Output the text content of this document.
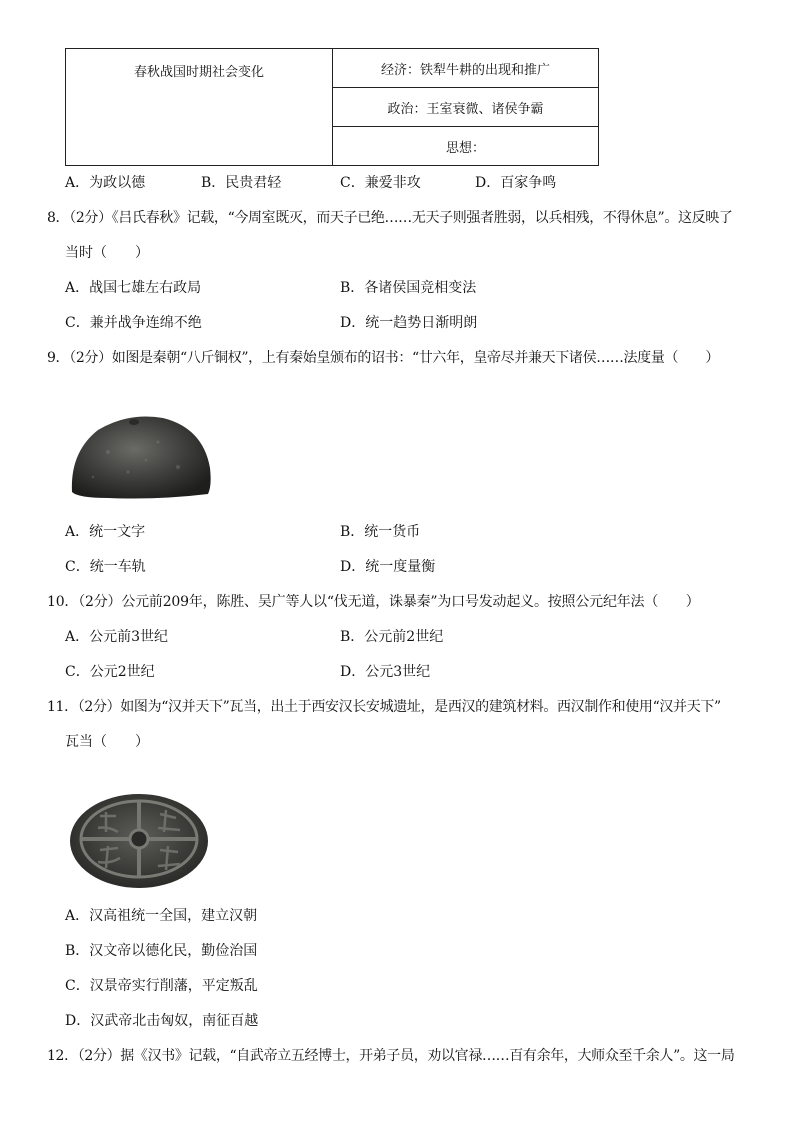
春秋战国时期社会变化	经济：铁犁牛耕的出现和推广
政治：王室衰微、诸侯争霸
思想：
A．为政以德	B．民贵君轻	C．兼爱非攻	D．百家争鸣
8．（2分）《吕氏春秋》记载，“今周室既灭，而天子已绝……无天子则强者胜弱，以兵相残，不得休息”。这反映了
当时（　　）
A．战国七雄左右政局	B．各诸侯国竞相变法
C．兼并战争连绵不绝	D．统一趋势日渐明朗
9．（2分）如图是秦朝“八斤铜权”，上有秦始皇颁布的诏书：“廿六年，皇帝尽并兼天下诸侯……法度量（　　）
A．统一文字	B．统一货币
C．统一车轨	D．统一度量衡
10．（2分）公元前209年，陈胜、吴广等人以“伐无道，诛暴秦”为口号发动起义。按照公元纪年法（　　）
A．公元前3世纪	B．公元前2世纪
C．公元2世纪	D．公元3世纪
11．（2分）如图为“汉并天下”瓦当，出土于西安汉长安城遗址，是西汉的建筑材料。西汉制作和使用“汉并天下”
瓦当（　　）
A．汉高祖统一全国，建立汉朝
B．汉文帝以德化民，勤俭治国
C．汉景帝实行削藩，平定叛乱
D．汉武帝北击匈奴，南征百越
12．（2分）据《汉书》记载，“自武帝立五经博士，开弟子员，劝以官禄……百有余年，大师众至千余人”。这一局
